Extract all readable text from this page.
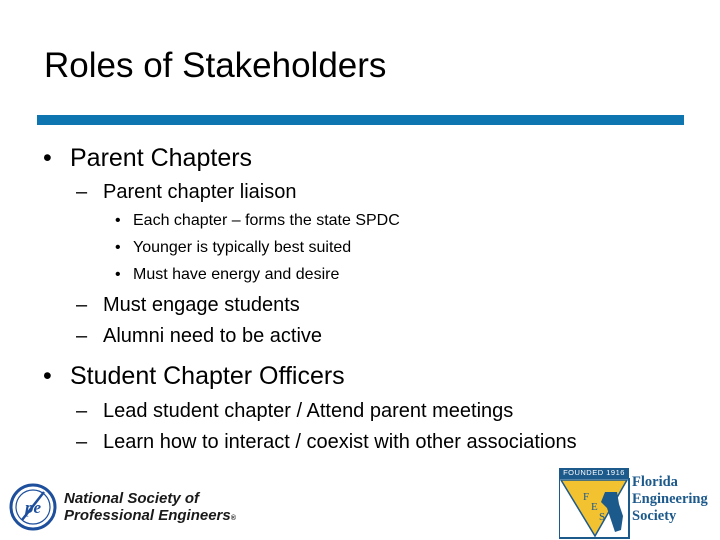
Roles of Stakeholders
• Parent Chapters
– Parent chapter liaison
• Each chapter – forms the state SPDC
• Younger is typically best suited
• Must have energy and desire
– Must engage students
– Alumni need to be active
• Student Chapter Officers
– Lead student chapter / Attend parent meetings
– Learn how to interact / coexist with other associations
pe National Society of
Professional Engineers®
FOUNDED 1916
F
E
S
Florida
Engineering
Society
